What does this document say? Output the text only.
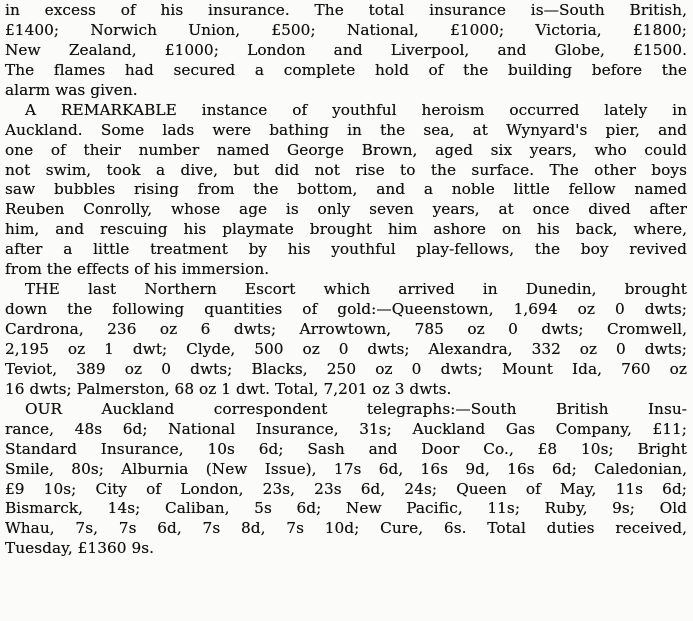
in excess of his insurance. The total insurance is—South British,
£1400; Norwich Union, £500; National, £1000; Victoria, £1800;
New Zealand, £1000; London and Liverpool, and Globe, £1500.
The flames had secured a complete hold of the building before the
alarm was given.
A REMARKABLE instance of youthful heroism occurred lately in
Auckland. Some lads were bathing in the sea, at Wynyard's pier, and
one of their number named George Brown, aged six years, who could
not swim, took a dive, but did not rise to the surface. The other boys
saw bubbles rising from the bottom, and a noble little fellow named
Reuben Conrolly, whose age is only seven years, at once dived after
him, and rescuing his playmate brought him ashore on his back, where,
after a little treatment by his youthful play-fellows, the boy revived
from the effects of his immersion.
THE last Northern Escort which arrived in Dunedin, brought
down the following quantities of gold:—Queenstown, 1,694 oz 0 dwts;
Cardrona, 236 oz 6 dwts; Arrowtown, 785 oz 0 dwts; Cromwell,
2,195 oz 1 dwt; Clyde, 500 oz 0 dwts; Alexandra, 332 oz 0 dwts;
Teviot, 389 oz 0 dwts; Blacks, 250 oz 0 dwts; Mount Ida, 760 oz
16 dwts; Palmerston, 68 oz 1 dwt. Total, 7,201 oz 3 dwts.
OUR Auckland correspondent telegraphs:—South British Insu-
rance, 48s 6d; National Insurance, 31s; Auckland Gas Company, £11;
Standard Insurance, 10s 6d; Sash and Door Co., £8 10s; Bright
Smile, 80s; Alburnia (New Issue), 17s 6d, 16s 9d, 16s 6d; Caledonian,
£9 10s; City of London, 23s, 23s 6d, 24s; Queen of May, 11s 6d;
Bismarck, 14s; Caliban, 5s 6d; New Pacific, 11s; Ruby, 9s; Old
Whau, 7s, 7s 6d, 7s 8d, 7s 10d; Cure, 6s. Total duties received,
Tuesday, £1360 9s.
